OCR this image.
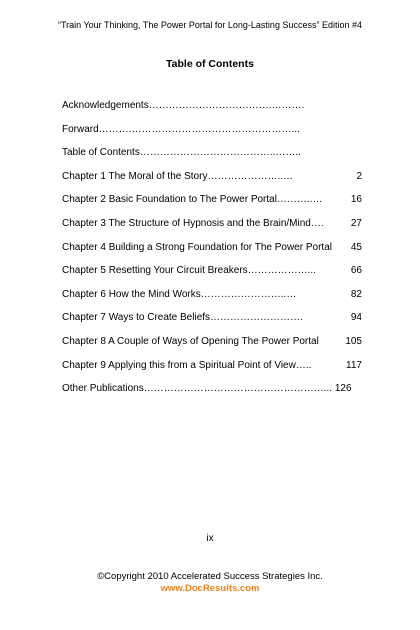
“Train Your Thinking, The Power Portal for Long-Lasting Success” Edition #4
Table of Contents
Acknowledgements……………………………….……….
Forward……….…………………………………………...
Table of Contents…………………………………..……..
Chapter 1 The Moral of the Story…………………..…	2
Chapter 2 Basic Foundation to The Power Portal………..…	16
Chapter 3 The Structure of Hypnosis and the Brain/Mind….	27
Chapter 4 Building a Strong Foundation for The Power Portal 45
Chapter 5 Resetting Your Circuit Breakers………………...	66
Chapter 6 How the Mind Works……………………..…	82
Chapter 7 Ways to Create Beliefs……………………….	94
Chapter 8 A Couple of Ways of Opening The Power Portal	105
Chapter 9 Applying this from a Spiritual Point of View…..	117
Other Publications………………………………………………... 126
ix
©Copyright 2010 Accelerated Success Strategies Inc.
www.DocResults.com
